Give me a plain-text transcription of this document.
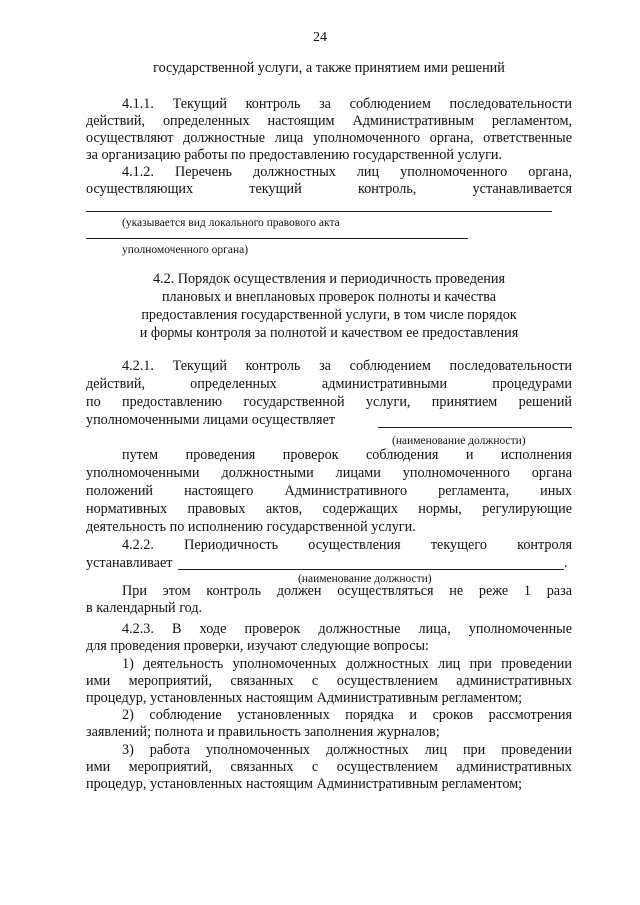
24
государственной услуги, а также принятием ими решений
4.1.1. Текущий контроль за соблюдением последовательности
действий, определенных настоящим Административным регламентом,
осуществляют должностные лица уполномоченного органа, ответственные
за организацию работы по предоставлению государственной услуги.
4.1.2. Перечень должностных лиц уполномоченного органа,
осуществляющих текущий контроль, устанавливается
(указывается вид локального правового акта
уполномоченного органа)
4.2. Порядок осуществления и периодичность проведения
плановых и внеплановых проверок полноты и качества
предоставления государственной услуги, в том числе порядок
и формы контроля за полнотой и качеством ее предоставления
4.2.1. Текущий контроль за соблюдением последовательности
действий, определенных административными процедурами
по предоставлению государственной услуги, принятием решений
уполномоченными лицами осуществляет
(наименование должности)
путем проведения проверок соблюдения и исполнения
уполномоченными должностными лицами уполномоченного органа
положений настоящего Административного регламента, иных
нормативных правовых актов, содержащих нормы, регулирующие
деятельность по исполнению государственной услуги.
4.2.2. Периодичность осуществления текущего контроля
устанавливает	.
(наименование должности)
При этом контроль должен осуществляться не реже 1 раза
в календарный год.
4.2.3. В ходе проверок должностные лица, уполномоченные
для проведения проверки, изучают следующие вопросы:
1) деятельность уполномоченных должностных лиц при проведении
ими мероприятий, связанных с осуществлением административных
процедур, установленных настоящим Административным регламентом;
2) соблюдение установленных порядка и сроков рассмотрения
заявлений; полнота и правильность заполнения журналов;
3) работа уполномоченных должностных лиц при проведении
ими мероприятий, связанных с осуществлением административных
процедур, установленных настоящим Административным регламентом;
